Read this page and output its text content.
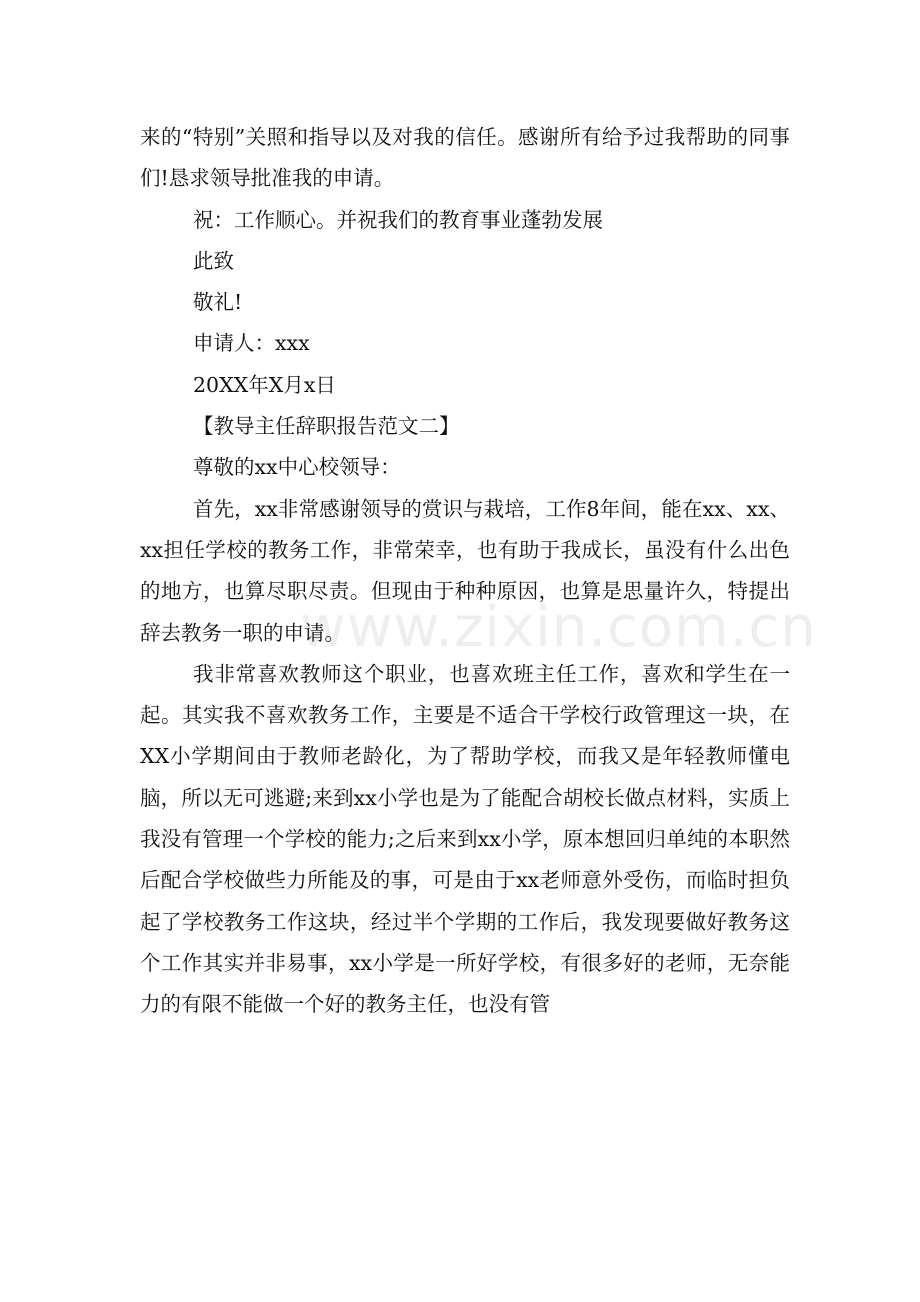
www.zixin.com.cn

来的“特别”关照和指导以及对我的信任。感谢所有给予过我帮助的同事们!恳求领导批准我的申请。

祝：工作顺心。并祝我们的教育事业蓬勃发展

此致

敬礼!

申请人：xxx

20XX年X月x日

【教导主任辞职报告范文二】

尊敬的xx中心校领导：

首先，xx非常感谢领导的赏识与栽培，工作8年间，能在xx、xx、xx担任学校的教务工作，非常荣幸，也有助于我成长，虽没有什么出色的地方，也算尽职尽责。但现由于种种原因，也算是思量许久，特提出辞去教务一职的申请。

我非常喜欢教师这个职业，也喜欢班主任工作，喜欢和学生在一起。其实我不喜欢教务工作，主要是不适合干学校行政管理这一块，在XX小学期间由于教师老龄化，为了帮助学校，而我又是年轻教师懂电脑，所以无可逃避;来到xx小学也是为了能配合胡校长做点材料，实质上我没有管理一个学校的能力;之后来到xx小学，原本想回归单纯的本职然后配合学校做些力所能及的事，可是由于xx老师意外受伤，而临时担负起了学校教务工作这块，经过半个学期的工作后，我发现要做好教务这个工作其实并非易事，xx小学是一所好学校，有很多好的老师，无奈能力的有限不能做一个好的教务主任，也没有管
